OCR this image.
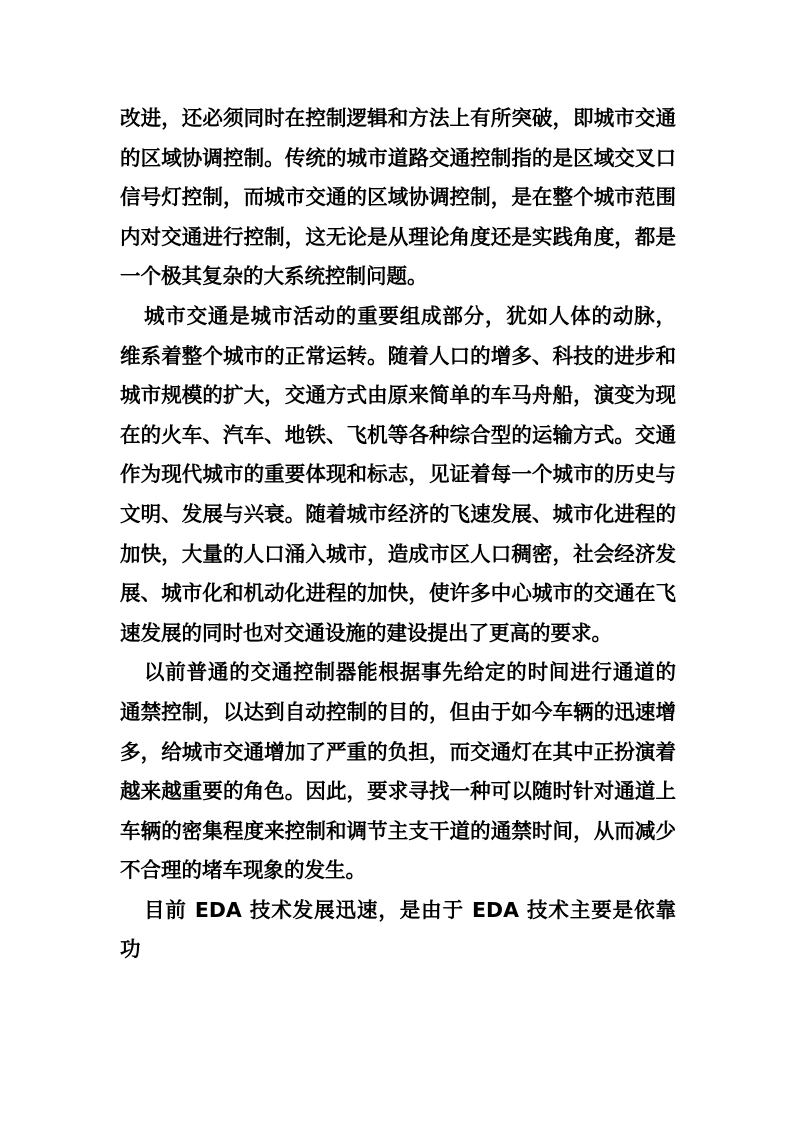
改进，还必须同时在控制逻辑和方法上有所突破，即城市交通的区域协调控制。传统的城市道路交通控制指的是区域交叉口信号灯控制，而城市交通的区域协调控制，是在整个城市范围内对交通进行控制，这无论是从理论角度还是实践角度，都是一个极其复杂的大系统控制问题。

城市交通是城市活动的重要组成部分，犹如人体的动脉，维系着整个城市的正常运转。随着人口的增多、科技的进步和城市规模的扩大，交通方式由原来简单的车马舟船，演变为现在的火车、汽车、地铁、飞机等各种综合型的运输方式。交通作为现代城市的重要体现和标志，见证着每一个城市的历史与文明、发展与兴衰。随着城市经济的飞速发展、城市化进程的加快，大量的人口涌入城市，造成市区人口稠密，社会经济发展、城市化和机动化进程的加快，使许多中心城市的交通在飞速发展的同时也对交通设施的建设提出了更高的要求。

以前普通的交通控制器能根据事先给定的时间进行通道的通禁控制，以达到自动控制的目的，但由于如今车辆的迅速增多，给城市交通增加了严重的负担，而交通灯在其中正扮演着越来越重要的角色。因此，要求寻找一种可以随时针对通道上车辆的密集程度来控制和调节主支干道的通禁时间，从而减少不合理的堵车现象的发生。

目前 EDA 技术发展迅速，是由于 EDA 技术主要是依靠功
